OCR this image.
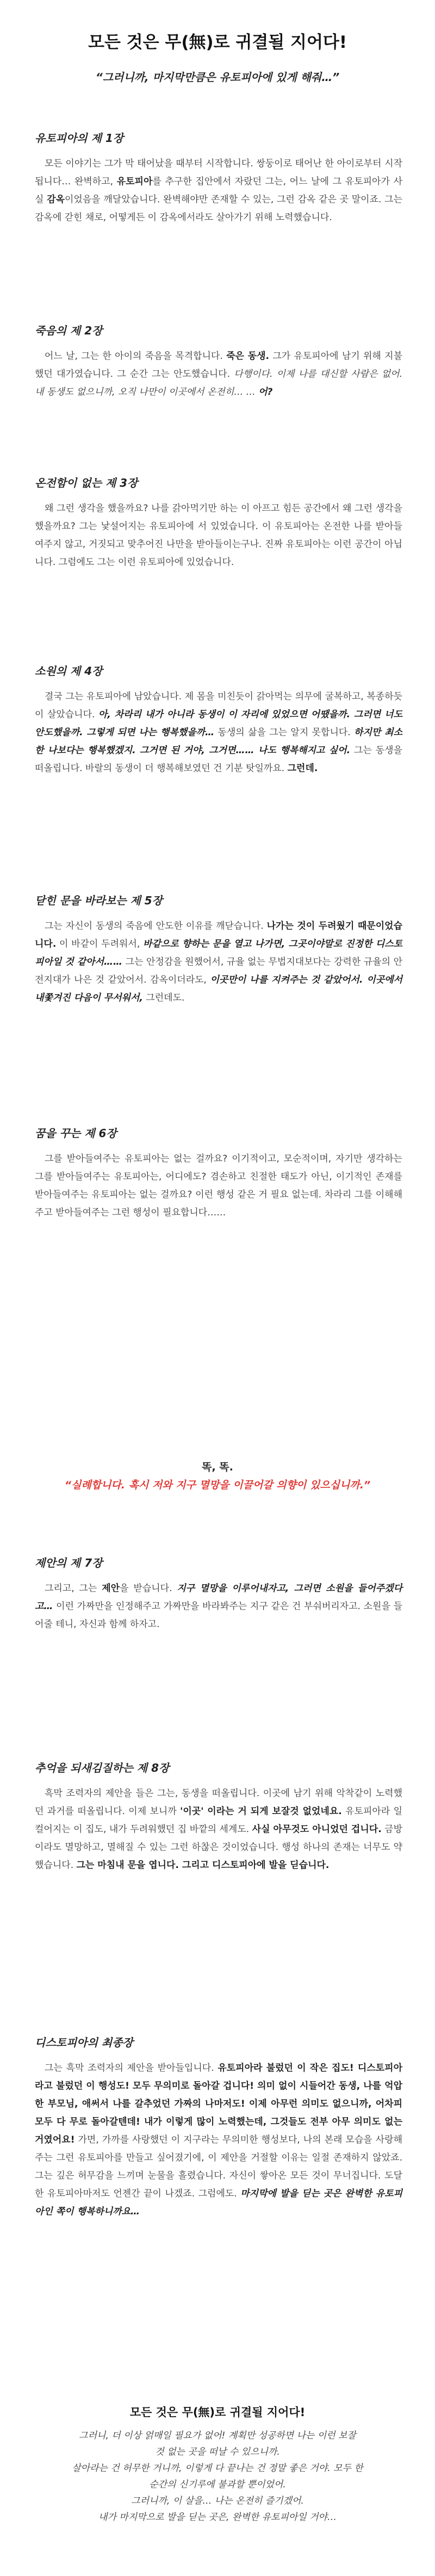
모든 것은 무(無)로 귀결될 지어다!

“그러니까, 마지막만큼은 유토피아에 있게 해줘…”

유토피아의 제 1장

모든 이야기는 그가 막 태어났을 때부터 시작합니다. 쌍둥이로 태어난 한 아이로부터 시작됩니다… 완벽하고, 유토피아를 추구한 집안에서 자랐던 그는, 어느 날에 그 유토피아가 사실 감옥이었음을 깨달았습니다. 완벽해야만 존재할 수 있는, 그런 감옥 같은 곳 말이죠. 그는 감옥에 갇힌 채로, 어떻게든 이 감옥에서라도 살아가기 위해 노력했습니다.

죽음의 제 2장

어느 날, 그는 한 아이의 죽음을 목격합니다. 죽은 동생. 그가 유토피아에 남기 위해 지불했던 대가였습니다. 그 순간 그는 안도했습니다. 다행이다. 이제 나를 대신할 사람은 없어. 내 동생도 없으니까, 오직 나만이 이곳에서 온전히… … 어?

온전함이 없는 제 3장

왜 그런 생각을 했을까요? 나를 갉아먹기만 하는 이 아프고 힘든 공간에서 왜 그런 생각을 했을까요? 그는 낯설어지는 유토피아에 서 있었습니다. 이 유토피아는 온전한 나를 받아들여주지 않고, 거짓되고 맞추어진 나만을 받아들이는구나. 진짜 유토피아는 이런 공간이 아닙니다. 그럼에도 그는 이런 유토피아에 있었습니다.

소원의 제 4장

결국 그는 유토피아에 남았습니다. 제 몸을 미친듯이 갉아먹는 의무에 굴복하고, 복종하듯이 살았습니다. 아, 차라리 내가 아니라 동생이 이 자리에 있었으면 어땠을까. 그러면 너도 안도했을까. 그렇게 되면 나는 행복했을까… 동생의 삶을 그는 알지 못합니다. 하지만 최소한 나보다는 행복했겠지. 그거면 된 거야, 그거면…… 나도 행복해지고 싶어. 그는 동생을 떠올립니다. 바랄의 동생이 더 행복해보였던 건 기분 탓일까요. 그런데.

닫힌 문을 바라보는 제 5장

그는 자신이 동생의 죽음에 안도한 이유를 깨닫습니다. 나가는 것이 두려웠기 때문이었습니다. 이 바같이 두려워서, 바같으로 향하는 문을 열고 나가면, 그곳이야말로 진정한 디스토피아일 것 같아서…… 그는 안정감을 원했어서, 규율 없는 무법지대보다는 강력한 규율의 안전지대가 나은 것 같았어서. 감옥이더라도, 이곳만이 나를 지켜주는 것 같았어서. 이곳에서 내쫓겨진 다음이 무서워서, 그런데도.

꿈을 꾸는 제 6장

그를 받아들여주는 유토피아는 없는 걸까요? 이기적이고, 모순적이며, 자기만 생각하는 그를 받아들여주는 유토피아는, 어디에도? 겸손하고 친절한 태도가 아닌, 이기적인 존재를 받아들여주는 유토피아는 없는 걸까요? 이런 행성 같은 거 필요 없는데. 차라리 그를 이해해주고 받아들여주는 그런 행성이 필요합니다……

똑, 똑.

“실례합니다. 혹시 저와 지구 멸망을 이끌어갈 의향이 있으십니까.”

제안의 제 7장

그리고, 그는 제안을 받습니다. 지구 멸망을 이루어내자고, 그러면 소원을 들어주겠다고… 이런 가짜만을 인정해주고 가짜만을 바라봐주는 지구 같은 건 부숴버리자고. 소원을 들어줄 테니, 자신과 함께 하자고.

추억을 되새김질하는 제 8장

흑막 조력자의 제안을 들은 그는, 동생을 떠올립니다. 이곳에 남기 위해 악착같이 노력했던 과거를 떠올립니다. 이제 보니까 '이곳' 이라는 거 되게 보잘것 없었네요. 유토피아라 일컬어지는 이 집도, 내가 두려워했던 집 바깥의 세계도. 사실 아무것도 아니었던 겁니다. 금방이라도 멸망하고, 멸해질 수 있는 그런 하찮은 것이었습니다. 행성 하나의 존재는 너무도 약했습니다. 그는 마침내 문을 엽니다. 그리고 디스토피아에 발을 딛습니다.

디스토피아의 최종장

그는 흑막 조력자의 제안을 받아들입니다. 유토피아라 불렀던 이 작은 집도! 디스토피아라고 불렀던 이 행성도! 모두 무의미로 돌아갈 겁니다! 의미 없이 시들어간 동생, 나를 억압한 부모님, 애써서 나를 갈추었던 가짜의 나마저도! 이제 아무런 의미도 없으니까, 어차피 모두 다 무로 돌아갈텐데! 내가 이렇게 많이 노력했는데, 그것들도 전부 아무 의미도 없는 거였어요! 가면, 가까를 사랑했던 이 지구라는 무의미한 행성보다, 나의 본래 모습을 사랑해주는 그런 유토피아를 만들고 싶어졌기에, 이 제안을 거절할 이유는 일절 존재하지 않았죠. 그는 깊은 허무감을 느끼며 눈물을 흘렸습니다. 자신이 쌓아온 모든 것이 무너집니다. 도달한 유토피아마저도 언젠간 끝이 나겠죠. 그럼에도. 마지막에 발을 딛는 곳은 완벽한 유토피아인 쪽이 행복하니까요…

모든 것은 무(無)로 귀결될 지어다!

그러니, 더 이상 얽매일 필요가 없어! 계획만 성공하면 나는 이런 보잘

것 없는 곳을 떠날 수 있으니까.

살아라는 건 허무한 거니까, 이렇게 다 끝나는 건 정말 좋은 거야. 모두 한

순간의 신기루에 불과할 뿐이었어.

그러니까, 이 살을… 나는 온전히 즐기겠어.

내가 마지막으로 발을 딛는 곳은, 완벽한 유토피아일 거야…
